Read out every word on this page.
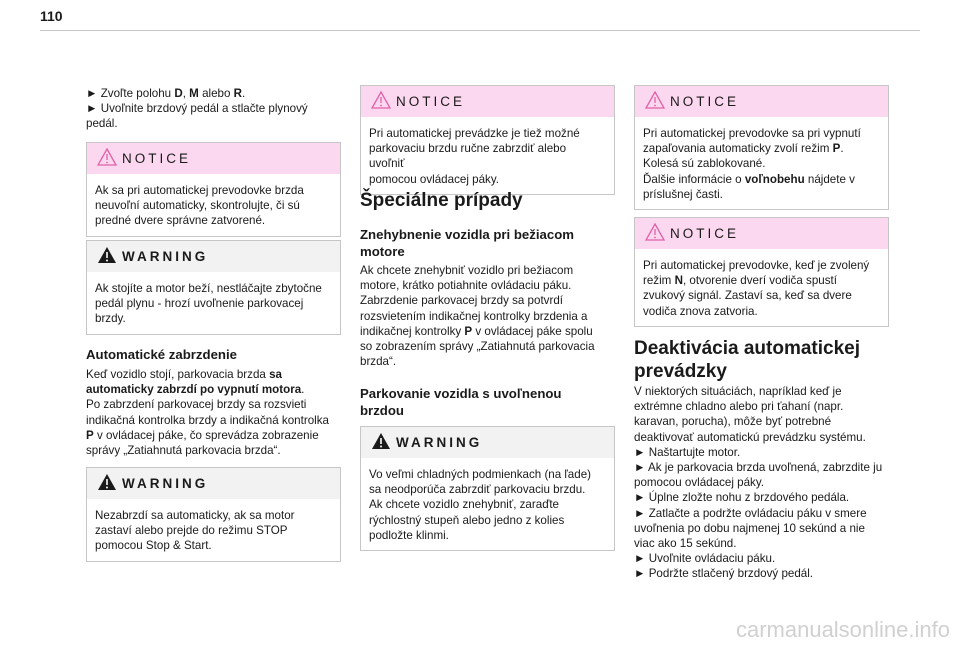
110

► Zvoľte polohu D, M alebo R.

► Uvoľnite brzdový pedál a stlačte plynový pedál.

NOTICE

Ak sa pri automatickej prevodovke brzda

neuvoľní automaticky, skontrolujte, či sú

predné dvere správne zatvorené.

WARNING

Ak stojíte a motor beží, nestláčajte zbytočne

pedál plynu - hrozí uvoľnenie parkovacej

brzdy.

Automatické zabrzdenie

Keď vozidlo stojí, parkovacia brzda sa

automaticky zabrzdí po vypnutí motora.

Po zabrzdení parkovacej brzdy sa rozsvieti

indikačná kontrolka brzdy a indikačná kontrolka

P v ovládacej páke, čo sprevádza zobrazenie

správy „Zatiahnutá parkovacia brzda“.

WARNING

Nezabrzdí sa automaticky, ak sa motor

zastaví alebo prejde do režimu STOP

pomocou Stop & Start.

NOTICE

Pri automatickej prevádzke je tiež možné

parkovaciu brzdu ručne zabrzdiť alebo uvoľniť

pomocou ovládacej páky.

Špeciálne prípady
Znehybnenie vozidla pri bežiacom
motore

Ak chcete znehybniť vozidlo pri bežiacom

motore, krátko potiahnite ovládaciu páku.

Zabrzdenie parkovacej brzdy sa potvrdí

rozsvietením indikačnej kontrolky brzdenia a

indikačnej kontrolky P v ovládacej páke spolu

so zobrazením správy „Zatiahnutá parkovacia

brzda“.

Parkovanie vozidla s uvoľnenou
brzdou
WARNING

Vo veľmi chladných podmienkach (na ľade)

sa neodporúča zabrzdiť parkovaciu brzdu.

Ak chcete vozidlo znehybniť, zaraďte

rýchlostný stupeň alebo jedno z kolies

podložte klinmi.

NOTICE

Pri automatickej prevodovke sa pri vypnutí

zapaľovania automaticky zvolí režim P.

Kolesá sú zablokované.

Ďalšie informácie o voľnobehu nájdete v

príslušnej časti.

NOTICE

Pri automatickej prevodovke, keď je zvolený

režim N, otvorenie dverí vodiča spustí

zvukový signál. Zastaví sa, keď sa dvere

vodiča znova zatvoria.

Deaktivácia automatickej
prevádzky

V niektorých situáciách, napríklad keď je

extrémne chladno alebo pri ťahaní (napr.

karavan, porucha), môže byť potrebné

deaktivovať automatickú prevádzku systému.

► Naštartujte motor.

► Ak je parkovacia brzda uvoľnená, zabrzdite ju

pomocou ovládacej páky.

► Úplne zložte nohu z brzdového pedála.

► Zatlačte a podržte ovládaciu páku v smere

uvoľnenia po dobu najmenej 10 sekúnd a nie

viac ako 15 sekúnd.

► Uvoľnite ovládaciu páku.

► Podržte stlačený brzdový pedál.

carmanualsonline.info
